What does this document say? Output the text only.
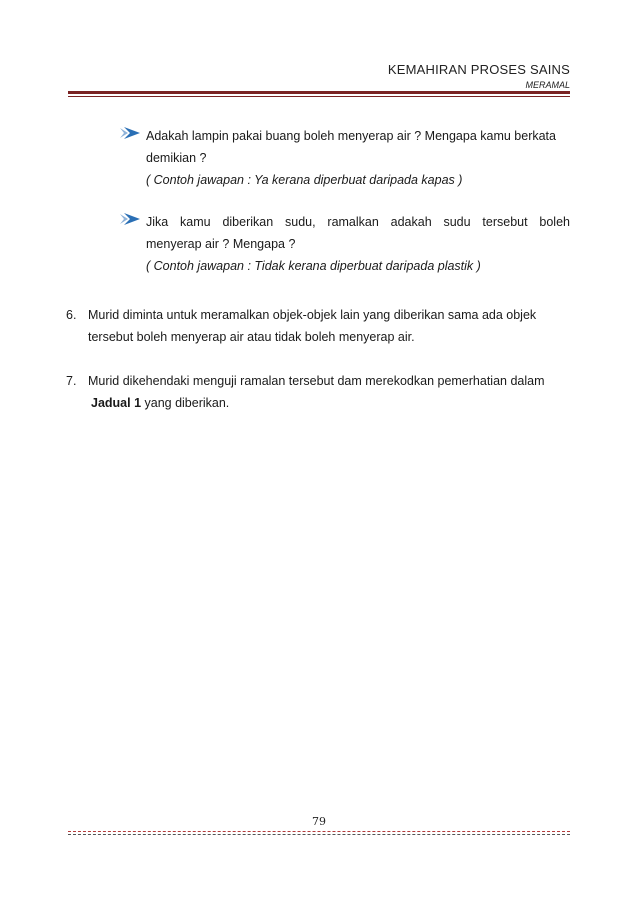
KEMAHIRAN PROSES SAINS
MERAMAL
Adakah lampin pakai buang boleh menyerap air ? Mengapa kamu berkata
demikian ?
( Contoh jawapan : Ya kerana diperbuat daripada kapas )
Jika kamu diberikan sudu, ramalkan adakah sudu tersebut boleh
menyerap air ? Mengapa ?
( Contoh jawapan : Tidak kerana diperbuat daripada plastik )
6. Murid diminta untuk meramalkan objek-objek lain yang diberikan sama ada objek
tersebut boleh menyerap air atau tidak boleh menyerap air.
7. Murid dikehendaki menguji ramalan tersebut dam merekodkan pemerhatian dalam
Jadual 1 yang diberikan.
79
